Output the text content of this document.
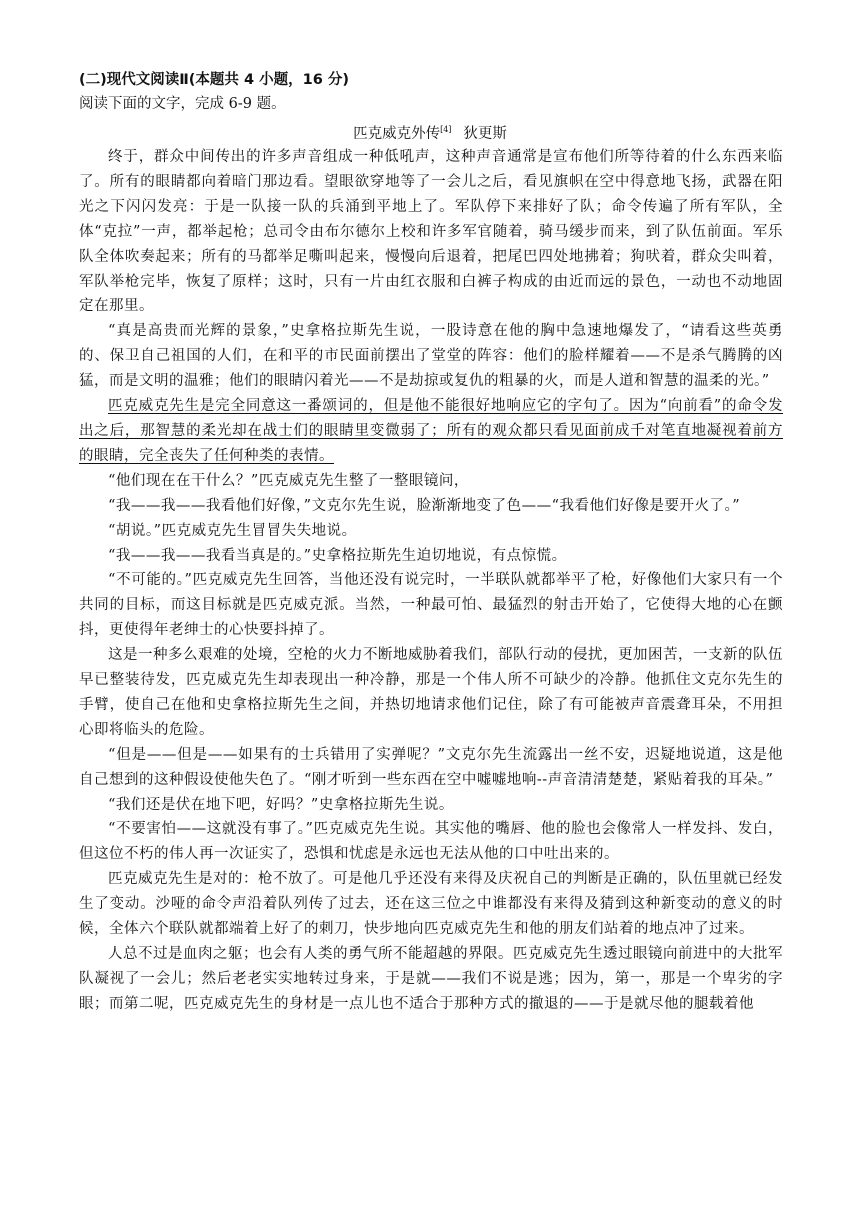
(二)现代文阅读Ⅱ(本题共 4 小题，16 分)
阅读下面的文字，完成 6-9 题。
匹克威克外传[4] 狄更斯

终于，群众中间传出的许多声音组成一种低吼声，这种声音通常是宣布他们所等待着的什么东西来临了。所有的眼睛都向着暗门那边看。望眼欲穿地等了一会儿之后，看见旗帜在空中得意地飞扬，武器在阳光之下闪闪发亮：于是一队接一队的兵涌到平地上了。军队停下来排好了队；命令传遍了所有军队，全体“克拉”一声，都举起枪；总司令由布尔德尔上校和许多军官随着，骑马缓步而来，到了队伍前面。军乐队全体吹奏起来；所有的马都举足嘶叫起来，慢慢向后退着，把尾巴四处地拂着；狗吠着，群众尖叫着，军队举枪完毕，恢复了原样；这时，只有一片由红衣服和白裤子构成的由近而远的景色，一动也不动地固定在那里。

“真是高贵而光辉的景象，”史拿格拉斯先生说，一股诗意在他的胸中急速地爆发了，“请看这些英勇的、保卫自己祖国的人们，在和平的市民面前摆出了堂堂的阵容：他们的脸样耀着——不是杀气腾腾的凶猛，而是文明的温雅；他们的眼睛闪着光——不是劫掠或复仇的粗暴的火，而是人道和智慧的温柔的光。”

匹克威克先生是完全同意这一番颂词的，但是他不能很好地响应它的字句了。因为“向前看”的命令发出之后，那智慧的柔光却在战士们的眼睛里变微弱了；所有的观众都只看见面前成千对笔直地凝视着前方的眼睛，完全丧失了任何种类的表情。

“他们现在在干什么？”匹克威克先生整了一整眼镜问，

“我——我——我看他们好像，”文克尔先生说，脸渐渐地变了色——“我看他们好像是要开火了。”

“胡说。”匹克威克先生冒冒失失地说。

“我——我——我看当真是的。”史拿格拉斯先生迫切地说，有点惊慌。

“不可能的。”匹克威克先生回答，当他还没有说完时，一半联队就都举平了枪，好像他们大家只有一个共同的目标，而这目标就是匹克威克派。当然，一种最可怕、最猛烈的射击开始了，它使得大地的心在颤抖，更使得年老绅士的心快要抖掉了。

这是一种多么艰难的处境，空枪的火力不断地威胁着我们，部队行动的侵扰，更加困苦，一支新的队伍早已整装待发，匹克威克先生却表现出一种冷静，那是一个伟人所不可缺少的冷静。他抓住文克尔先生的手臂，使自己在他和史拿格拉斯先生之间，并热切地请求他们记住，除了有可能被声音震聋耳朵，不用担心即将临头的危险。

“但是——但是——如果有的士兵错用了实弹呢？”文克尔先生流露出一丝不安，迟疑地说道，这是他自己想到的这种假设使他失色了。“刚才听到一些东西在空中嘘嘘地响--声音清清楚楚，紧贴着我的耳朵。”

“我们还是伏在地下吧，好吗？”史拿格拉斯先生说。

“不要害怕——这就没有事了。”匹克威克先生说。其实他的嘴唇、他的脸也会像常人一样发抖、发白，但这位不朽的伟人再一次证实了，恐惧和忧虑是永远也无法从他的口中吐出来的。

匹克威克先生是对的：枪不放了。可是他几乎还没有来得及庆祝自己的判断是正确的，队伍里就已经发生了变动。沙哑的命令声沿着队列传了过去，还在这三位之中谁都没有来得及猜到这种新变动的意义的时候，全体六个联队就都端着上好了的刺刀，快步地向匹克威克先生和他的朋友们站着的地点冲了过来。

人总不过是血肉之躯；也会有人类的勇气所不能超越的界限。匹克威克先生透过眼镜向前进中的大批军队凝视了一会儿；然后老老实实地转过身来，于是就——我们不说是逃；因为，第一，那是一个卑劣的字眼；而第二呢，匹克威克先生的身材是一点儿也不适合于那种方式的撤退的——于是就尽他的腿载着他
